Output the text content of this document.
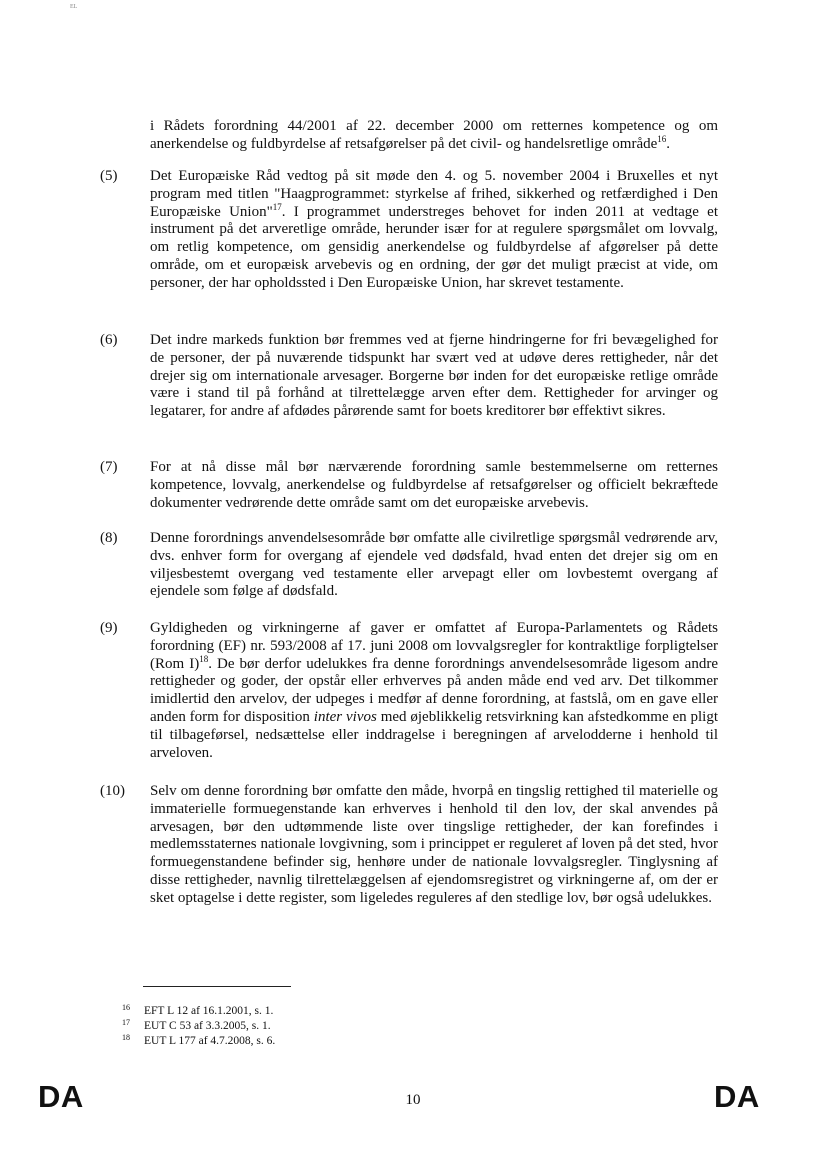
EL
i Rådets forordning 44/2001 af 22. december 2000 om retternes kompetence og om anerkendelse og fuldbyrdelse af retsafgørelser på det civil- og handelsretlige område$^{16}$.
(5)	Det Europæiske Råd vedtog på sit møde den 4. og 5. november 2004 i Bruxelles et nyt program med titlen "Haagprogrammet: styrkelse af frihed, sikkerhed og retfærdighed i Den Europæiske Union"$^{17}$. I programmet understreges behovet for inden 2011 at vedtage et instrument på det arveretlige område, herunder især for at regulere spørgsmålet om lovvalg, om retlig kompetence, om gensidig anerkendelse og fuldbyrdelse af afgørelser på dette område, om et europæisk arvebevis og en ordning, der gør det muligt præcist at vide, om personer, der har opholdssted i Den Europæiske Union, har skrevet testamente.
(6)	Det indre markeds funktion bør fremmes ved at fjerne hindringerne for fri bevægelighed for de personer, der på nuværende tidspunkt har svært ved at udøve deres rettigheder, når det drejer sig om internationale arvesager. Borgerne bør inden for det europæiske retlige område være i stand til på forhånd at tilrettelægge arven efter dem. Rettigheder for arvinger og legatarer, for andre af afdødes pårørende samt for boets kreditorer bør effektivt sikres.
(7)	For at nå disse mål bør nærværende forordning samle bestemmelserne om retternes kompetence, lovvalg, anerkendelse og fuldbyrdelse af retsafgørelser og officielt bekræftede dokumenter vedrørende dette område samt om det europæiske arvebevis.
(8)	Denne forordnings anvendelsesområde bør omfatte alle civilretlige spørgsmål vedrørende arv, dvs. enhver form for overgang af ejendele ved dødsfald, hvad enten det drejer sig om en viljesbestemt overgang ved testamente eller arvepagt eller om lovbestemt overgang af ejendele som følge af dødsfald.
(9)	Gyldigheden og virkningerne af gaver er omfattet af Europa-Parlamentets og Rådets forordning (EF) nr. 593/2008 af 17. juni 2008 om lovvalgsregler for kontraktlige forpligtelser (Rom I)$^{18}$. De bør derfor udelukkes fra denne forordnings anvendelsesområde ligesom andre rettigheder og goder, der opstår eller erhverves på anden måde end ved arv. Det tilkommer imidlertid den arvelov, der udpeges i medfør af denne forordning, at fastslå, om en gave eller anden form for disposition inter vivos med øjeblikkelig retsvirkning kan afstedkomme en pligt til tilbageførsel, nedsættelse eller inddragelse i beregningen af arvelodderne i henhold til arveloven.
(10)	Selv om denne forordning bør omfatte den måde, hvorpå en tingslig rettighed til materielle og immaterielle formuegenstande kan erhverves i henhold til den lov, der skal anvendes på arvesagen, bør den udtømmende liste over tingslige rettigheder, der kan forefindes i medlemsstaternes nationale lovgivning, som i princippet er reguleret af loven på det sted, hvor formuegenstandene befinder sig, henhøre under de nationale lovvalgsregler. Tinglysning af disse rettigheder, navnlig tilrettelæggelsen af ejendomsregistret og virkningerne af, om der er sket optagelse i dette register, som ligeledes reguleres af den stedlige lov, bør også udelukkes.
16 EFT L 12 af 16.1.2001, s. 1.
17 EUT C 53 af 3.3.2005, s. 1.
18 EUT L 177 af 4.7.2008, s. 6.
DA	10	DA
